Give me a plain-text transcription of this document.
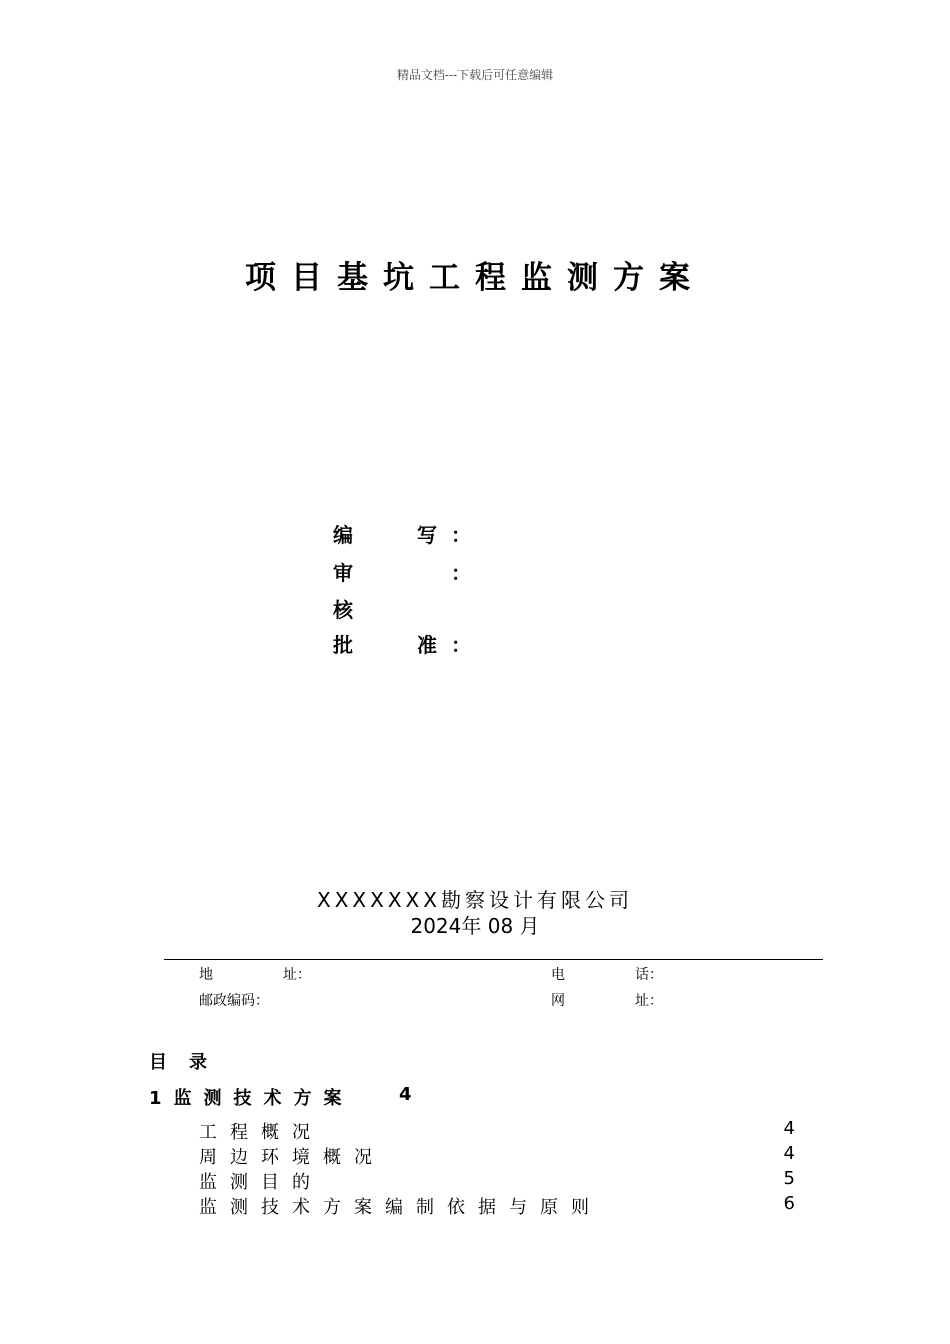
精品文档---下载后可任意编辑
项目基坑工程监测方案
编	写 ：
审	：
核
批	准 ：
XXXXXXX勘察设计有限公司
2024年 08 月
地	址：	电	话：
邮政编码：	网	址：
目录
1监测技术方案	4
工程概况	4
周边环境概况	4
监测目的	5
监测技术方案编制依据与原则	6
